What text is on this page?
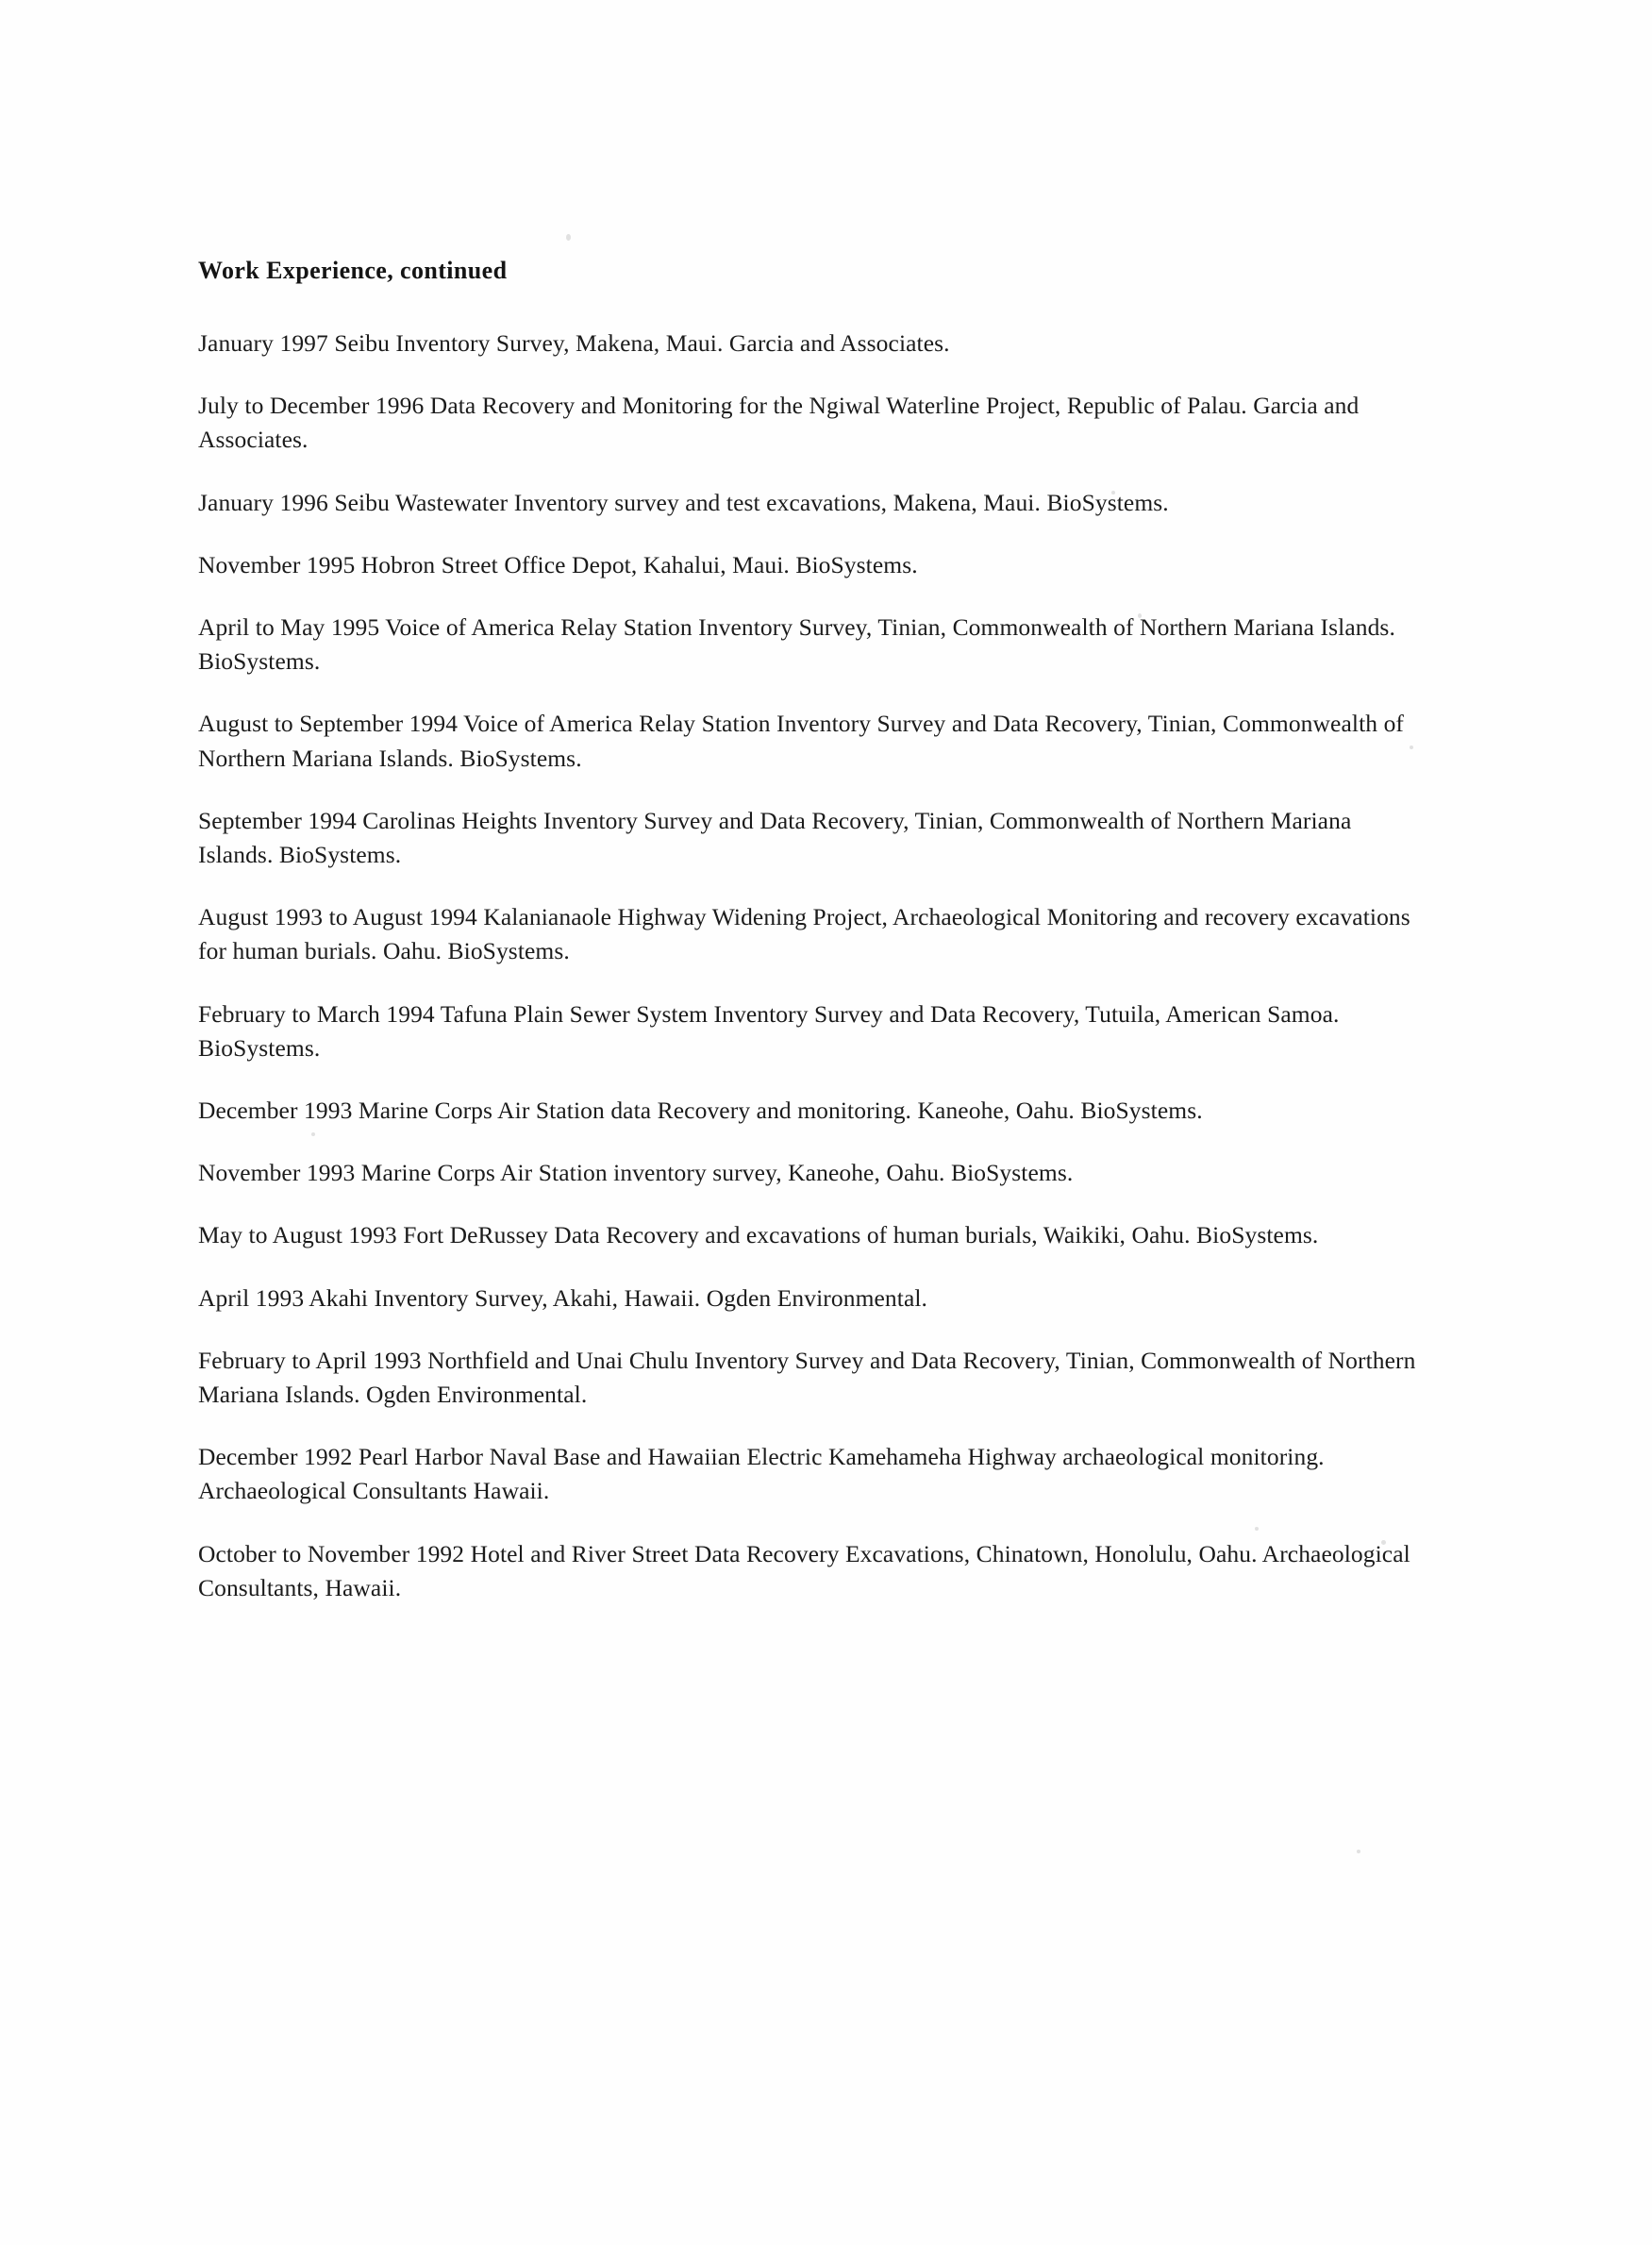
Work Experience, continued

January 1997 Seibu Inventory Survey, Makena, Maui. Garcia and Associates.

July to December 1996 Data Recovery and Monitoring for the Ngiwal Waterline Project, Republic of Palau. Garcia and Associates.

January 1996 Seibu Wastewater Inventory survey and test excavations, Makena, Maui. BioSystems.

November 1995 Hobron Street Office Depot, Kahalui, Maui. BioSystems.

April to May 1995 Voice of America Relay Station Inventory Survey, Tinian, Commonwealth of Northern Mariana Islands. BioSystems.

August to September 1994 Voice of America Relay Station Inventory Survey and Data Recovery, Tinian, Commonwealth of Northern Mariana Islands. BioSystems.

September 1994 Carolinas Heights Inventory Survey and Data Recovery, Tinian, Commonwealth of Northern Mariana Islands. BioSystems.

August 1993 to August 1994 Kalanianaole Highway Widening Project, Archaeological Monitoring and recovery excavations for human burials. Oahu. BioSystems.

February to March 1994 Tafuna Plain Sewer System Inventory Survey and Data Recovery, Tutuila, American Samoa. BioSystems.

December 1993 Marine Corps Air Station data Recovery and monitoring. Kaneohe, Oahu. BioSystems.

November 1993 Marine Corps Air Station inventory survey, Kaneohe, Oahu. BioSystems.

May to August 1993 Fort DeRussey Data Recovery and excavations of human burials, Waikiki, Oahu. BioSystems.

April 1993 Akahi Inventory Survey, Akahi, Hawaii. Ogden Environmental.

February to April 1993 Northfield and Unai Chulu Inventory Survey and Data Recovery, Tinian, Commonwealth of Northern Mariana Islands. Ogden Environmental.

December 1992 Pearl Harbor Naval Base and Hawaiian Electric Kamehameha Highway archaeological monitoring. Archaeological Consultants Hawaii.

October to November 1992 Hotel and River Street Data Recovery Excavations, Chinatown, Honolulu, Oahu. Archaeological Consultants, Hawaii.
